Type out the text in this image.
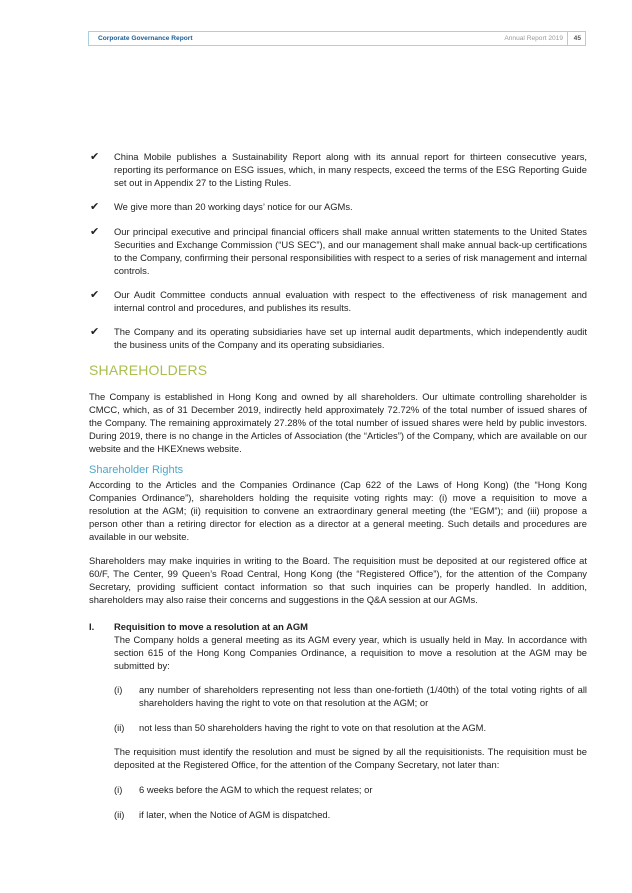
Corporate Governance Report	Annual Report 2019 45
✔ China Mobile publishes a Sustainability Report along with its annual report for thirteen consecutive years, reporting its performance on ESG issues, which, in many respects, exceed the terms of the ESG Reporting Guide set out in Appendix 27 to the Listing Rules.
✔ We give more than 20 working days’ notice for our AGMs.
✔ Our principal executive and principal financial officers shall make annual written statements to the United States Securities and Exchange Commission (“US SEC”), and our management shall make annual back-up certifications to the Company, confirming their personal responsibilities with respect to a series of risk management and internal controls.
✔ Our Audit Committee conducts annual evaluation with respect to the effectiveness of risk management and internal control and procedures, and publishes its results.
✔ The Company and its operating subsidiaries have set up internal audit departments, which independently audit the business units of the Company and its operating subsidiaries.
SHAREHOLDERS
The Company is established in Hong Kong and owned by all shareholders. Our ultimate controlling shareholder is CMCC, which, as of 31 December 2019, indirectly held approximately 72.72% of the total number of issued shares of the Company. The remaining approximately 27.28% of the total number of issued shares were held by public investors. During 2019, there is no change in the Articles of Association (the “Articles”) of the Company, which are available on our website and the HKEXnews website.
Shareholder Rights
According to the Articles and the Companies Ordinance (Cap 622 of the Laws of Hong Kong) (the “Hong Kong Companies Ordinance”), shareholders holding the requisite voting rights may: (i) move a requisition to move a resolution at the AGM; (ii) requisition to convene an extraordinary general meeting (the “EGM”); and (iii) propose a person other than a retiring director for election as a director at a general meeting. Such details and procedures are available in our website.
Shareholders may make inquiries in writing to the Board. The requisition must be deposited at our registered office at 60/F, The Center, 99 Queen’s Road Central, Hong Kong (the “Registered Office”), for the attention of the Company Secretary, providing sufficient contact information so that such inquiries can be properly handled. In addition, shareholders may also raise their concerns and suggestions in the Q&A session at our AGMs.
I. Requisition to move a resolution at an AGM
The Company holds a general meeting as its AGM every year, which is usually held in May. In accordance with section 615 of the Hong Kong Companies Ordinance, a requisition to move a resolution at the AGM may be submitted by:
(i) any number of shareholders representing not less than one-fortieth (1/40th) of the total voting rights of all shareholders having the right to vote on that resolution at the AGM; or
(ii) not less than 50 shareholders having the right to vote on that resolution at the AGM.
The requisition must identify the resolution and must be signed by all the requisitionists. The requisition must be deposited at the Registered Office, for the attention of the Company Secretary, not later than:
(i) 6 weeks before the AGM to which the request relates; or
(ii) if later, when the Notice of AGM is dispatched.
